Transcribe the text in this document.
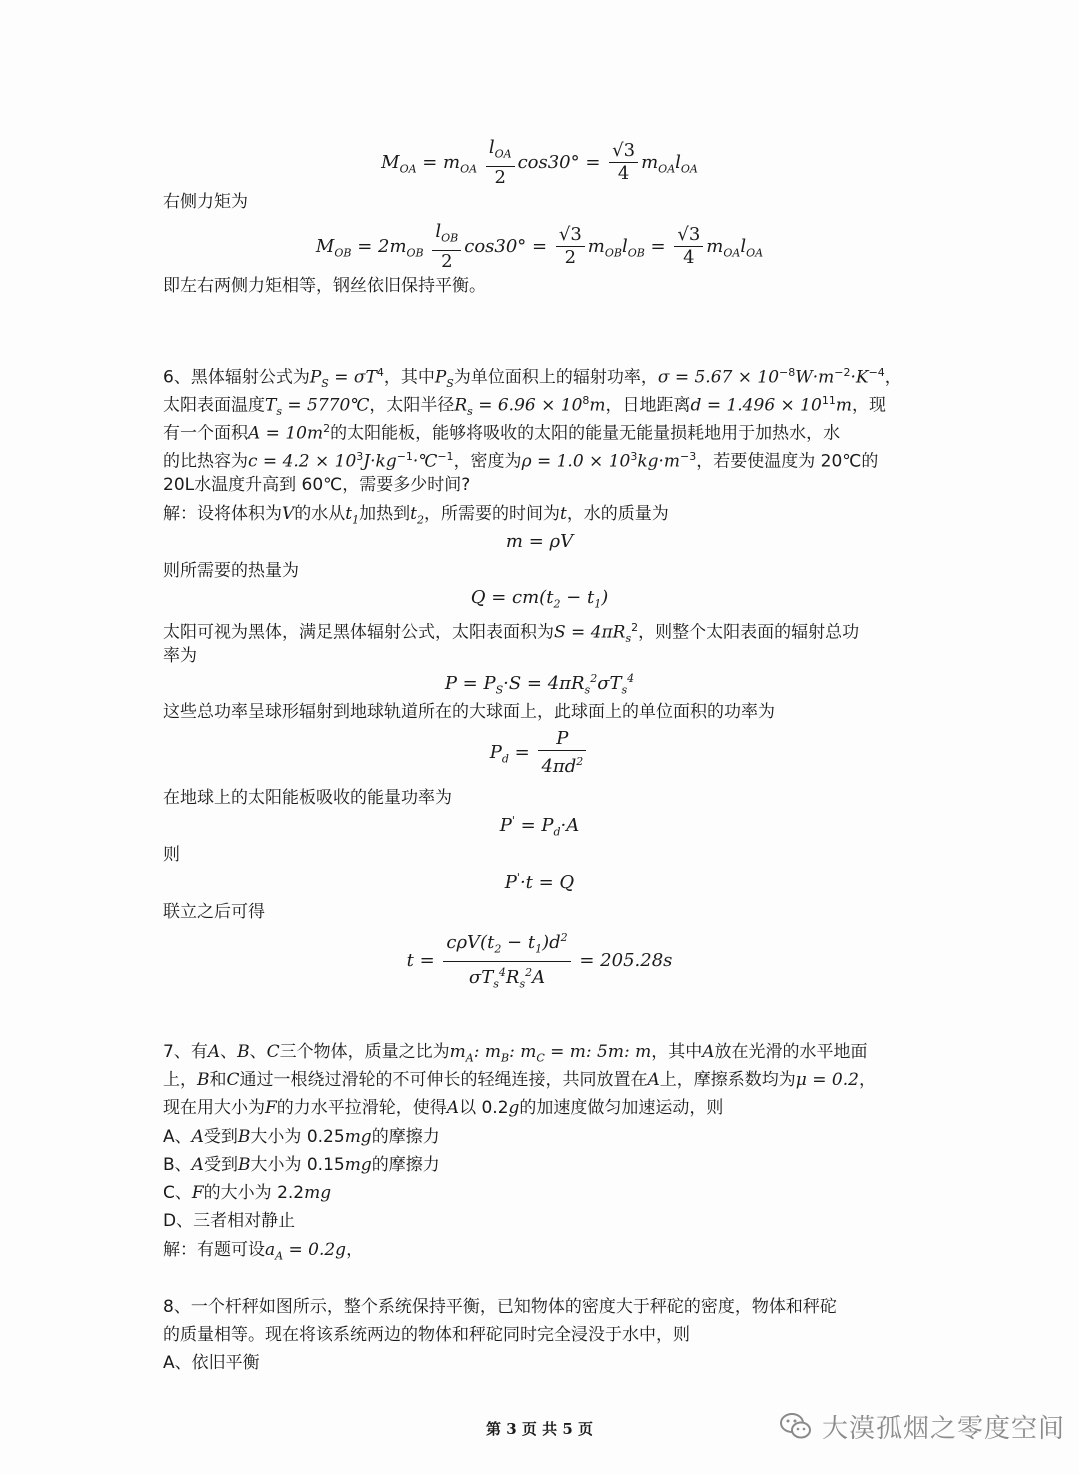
$M_{OA} = m_{OA} \frac{l_{OA}}{2} \cos 30^\circ = \frac{√3}{4} m_{OA}l_{OA}$
右侧力矩为
$M_{OB} = 2m_{OB} \frac{l_{OB}}{2} \cos 30^\circ = \frac{√3}{2} m_{OB}l_{OB} = \frac{√3}{4} m_{OA}l_{OA}$
即左右两侧力矩相等，钢丝依旧保持平衡。
6、黑体辐射公式为$P_S = \sigma T^4$，其中$P_S$为单位面积上的辐射功率，$\sigma = 5.67 \times 10^{-8}W\cdot m^{-2}\cdot K^{-4}$，
太阳表面温度$T_s$ = 5770℃，太阳半径$R_s = 6.96 \times 10^8m$，日地距离$d = 1.496 \times 10^{11}m$，现
有一个面积$A = 10m^2$的太阳能板，能够将吸收的太阳的能量无能量损耗地用于加热水，水
的比热容为$c = 4.2 \times 10^3J\cdot kg^{-1}\cdot℃^{-1}$，密度为$\rho = 1.0 \times 10^3kg\cdot m^{-3}$，若要使温度为 20℃的
20L水温度升高到 60℃，需要多少时间?
解：设将体积为V的水从$t_1$加热到$t_2$，所需要的时间为t，水的质量为
m = ρV
则所需要的热量为
$Q = cm(t_2 - t_1)$
太阳可视为黑体，满足黑体辐射公式，太阳表面积为$S = 4\pi R_s^2$，则整个太阳表面的辐射总功
率为
$P = P_S\cdot S = 4\pi R_s^2\sigma T_s^4$
这些总功率呈球形辐射到地球轨道所在的大球面上，此球面上的单位面积的功率为
$P_d = \frac{P}{4\pi d^2}$
在地球上的太阳能板吸收的能量功率为
$P' = P_d\cdot A$
则
P'·t = Q
联立之后可得
$t = \frac{c\rho V(t_2 - t_1)d^2}{\sigma T_s^4R_s^2A} = 205.28s$
7、有A、B、C三个物体，质量之比为$m_A$: $m_B$: $m_C = m$: 5m: m，其中A放在光滑的水平地面
上，B和C通过一根绕过滑轮的不可伸长的轻绳连接，共同放置在A上，摩擦系数均为μ = 0.2，
现在用大小为F的力水平拉滑轮，使得A以 0.2g的加速度做匀加速运动，则
A、A受到B大小为 0.25mg的摩擦力
B、A受到B大小为 0.15mg的摩擦力
C、F的大小为 2.2mg
D、三者相对静止
解：有题可设$a_A = 0.2g$，
8、一个杆秤如图所示，整个系统保持平衡，已知物体的密度大于秤砣的密度，物体和秤砣
的质量相等。现在将该系统两边的物体和秤砣同时完全浸没于水中，则
A、依旧平衡
第 3 页 共 5 页	大漠孤烟之零度空间
